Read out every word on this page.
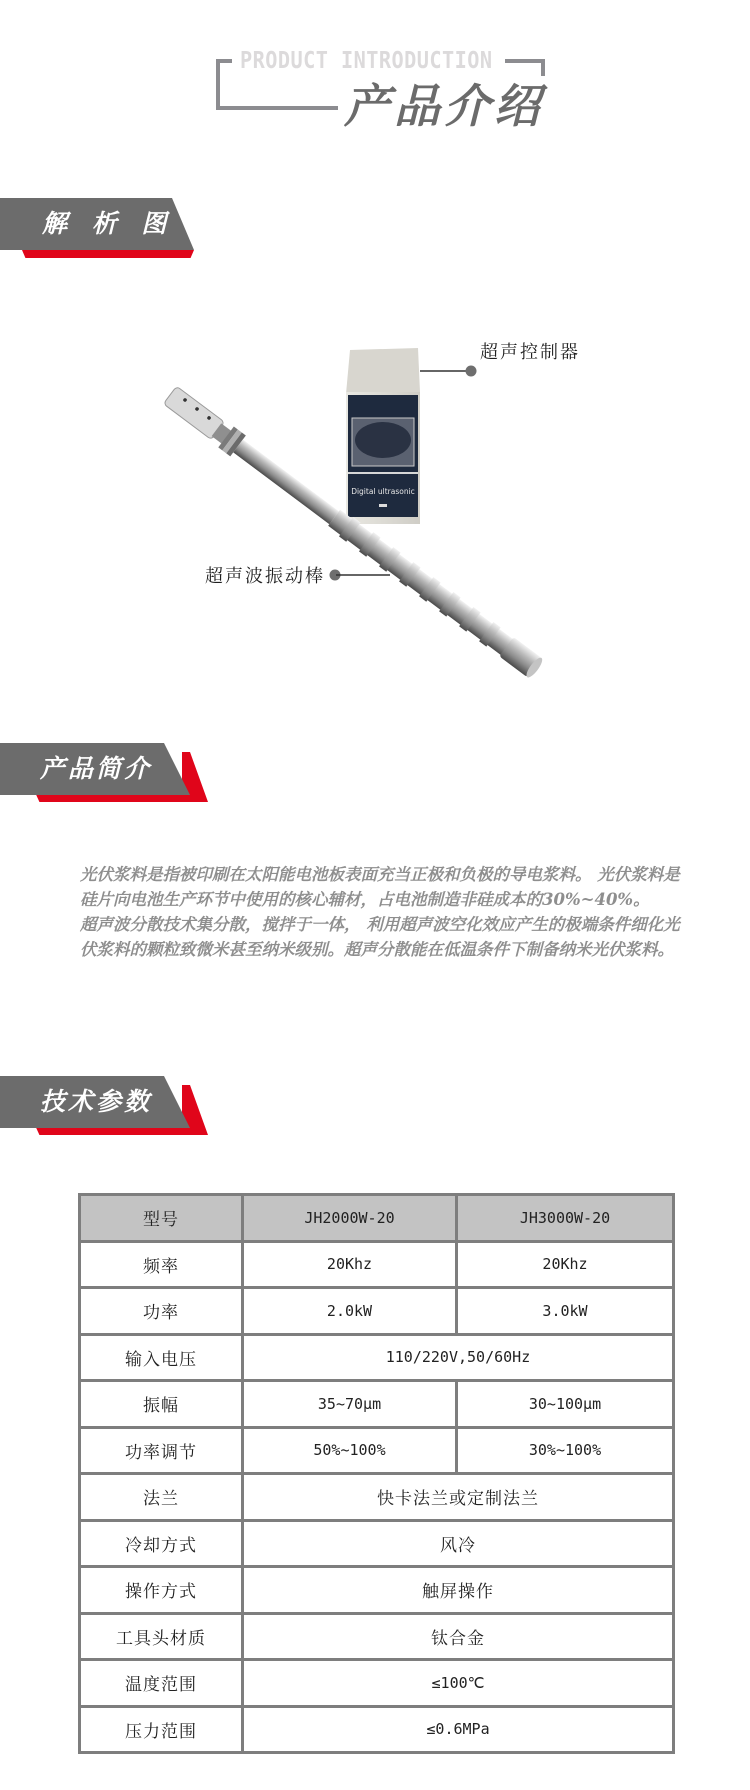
PRODUCT INTRODUCTION
产品介绍
解 析 图
Digital ultrasonic
超声控制器
超声波振动棒
产品简介

光伏浆料是指被印刷在太阳能电池板表面充当正极和负极的导电浆料。 光伏浆料是硅片向电池生产环节中使用的核心辅材，占电池制造非硅成本的30%~40%。

超声波分散技术集分散，搅拌于一体， 利用超声波空化效应产生的极端条件细化光伏浆料的颗粒致微米甚至纳米级别。超声分散能在低温条件下制备纳米光伏浆料。

技术参数
型号	JH2000W-20	JH3000W-20
频率	20Khz	20Khz
功率	2.0kW	3.0kW
输入电压	110/220V,50/60Hz	
振幅	35~70μm	30~100μm
功率调节	50%~100%	30%~100%
法兰	快卡法兰或定制法兰	
冷却方式	风冷	
操作方式	触屏操作	
工具头材质	钛合金	
温度范围	≤100℃	
压力范围	≤0.6MPa	
